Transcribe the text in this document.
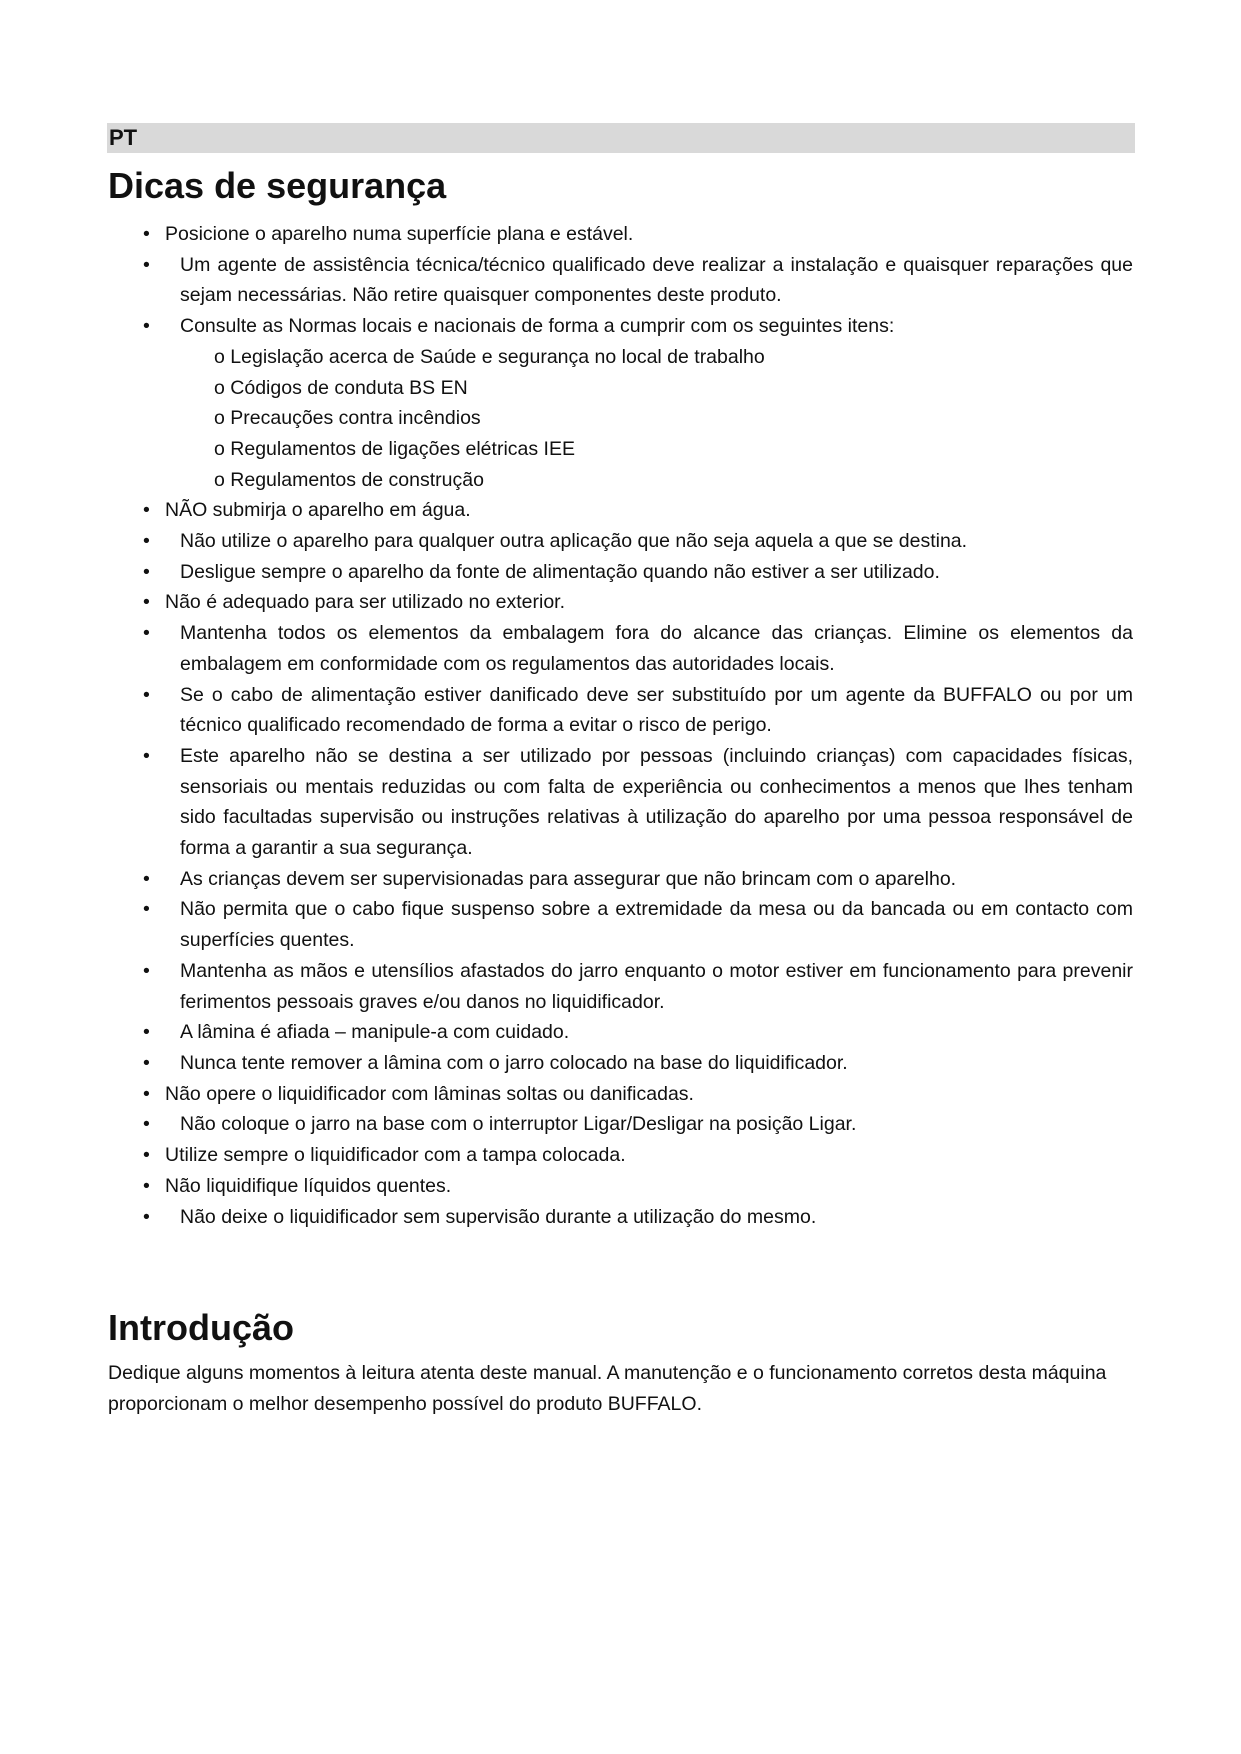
PT
Dicas de segurança
• Posicione o aparelho numa superfície plana e estável.
•	Um agente de assistência técnica/técnico qualificado deve realizar a instalação e quaisquer reparações que sejam necessárias. Não retire quaisquer componentes deste produto.
•	Consulte as Normas locais e nacionais de forma a cumprir com os seguintes itens:
o Legislação acerca de Saúde e segurança no local de trabalho
o Códigos de conduta BS EN
o Precauções contra incêndios
o Regulamentos de ligações elétricas IEE
o Regulamentos de construção
• NÃO submirja o aparelho em água.
•	Não utilize o aparelho para qualquer outra aplicação que não seja aquela a que se destina.
•	Desligue sempre o aparelho da fonte de alimentação quando não estiver a ser utilizado.
• Não é adequado para ser utilizado no exterior.
•	Mantenha todos os elementos da embalagem fora do alcance das crianças. Elimine os elementos da embalagem em conformidade com os regulamentos das autoridades locais.
•	Se o cabo de alimentação estiver danificado deve ser substituído por um agente da BUFFALO ou por um técnico qualificado recomendado de forma a evitar o risco de perigo.
•	Este aparelho não se destina a ser utilizado por pessoas (incluindo crianças) com capacidades físicas, sensoriais ou mentais reduzidas ou com falta de experiência ou conhecimentos a menos que lhes tenham sido facultadas supervisão ou instruções relativas à utilização do aparelho por uma pessoa responsável de forma a garantir a sua segurança.
•	As crianças devem ser supervisionadas para assegurar que não brincam com o aparelho.
•	Não permita que o cabo fique suspenso sobre a extremidade da mesa ou da bancada ou em contacto com superfícies quentes.
•	Mantenha as mãos e utensílios afastados do jarro enquanto o motor estiver em funcionamento para prevenir ferimentos pessoais graves e/ou danos no liquidificador.
•	A lâmina é afiada – manipule-a com cuidado.
•	Nunca tente remover a lâmina com o jarro colocado na base do liquidificador.
• Não opere o liquidificador com lâminas soltas ou danificadas.
•	Não coloque o jarro na base com o interruptor Ligar/Desligar na posição Ligar.
• Utilize sempre o liquidificador com a tampa colocada.
• Não liquidifique líquidos quentes.
•	Não deixe o liquidificador sem supervisão durante a utilização do mesmo.
Introdução
Dedique alguns momentos à leitura atenta deste manual. A manutenção e o funcionamento corretos desta máquina proporcionam o melhor desempenho possível do produto BUFFALO.
